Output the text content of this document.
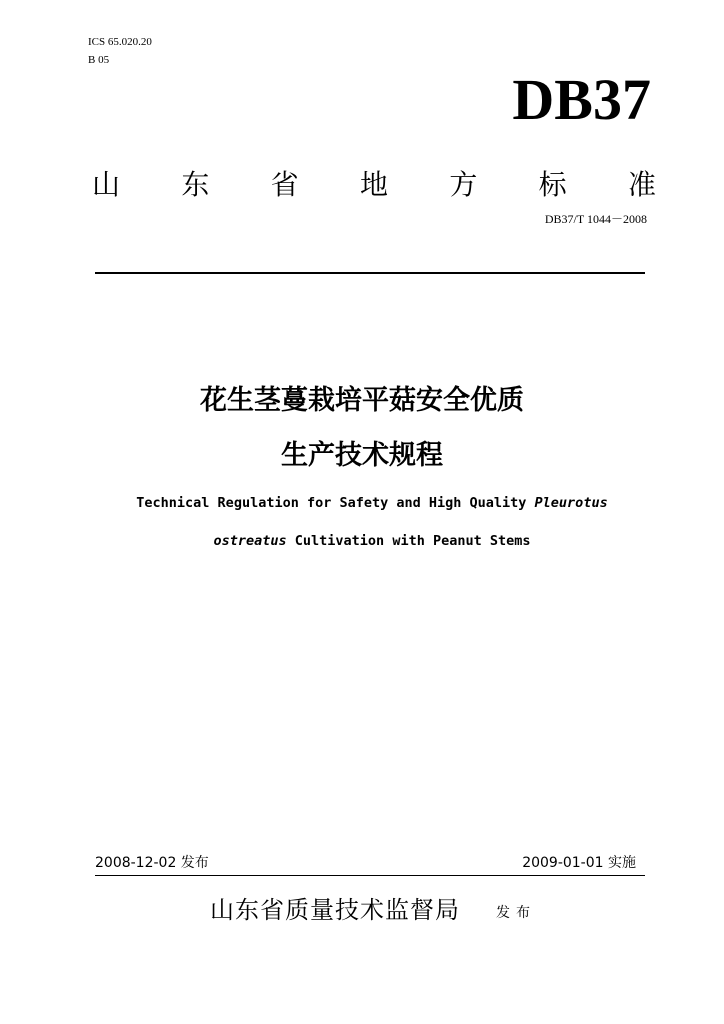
ICS 65.020.20
B 05
DB37
山 东 省 地 方 标 准
DB37/T 1044－2008
花生茎蔓栽培平菇安全优质
生产技术规程
Technical Regulation for Safety and High Quality Pleurotus
ostreatus Cultivation with Peanut Stems
2008-12-02 发布	2009-01-01 实施
山东省质量技术监督局	发布
